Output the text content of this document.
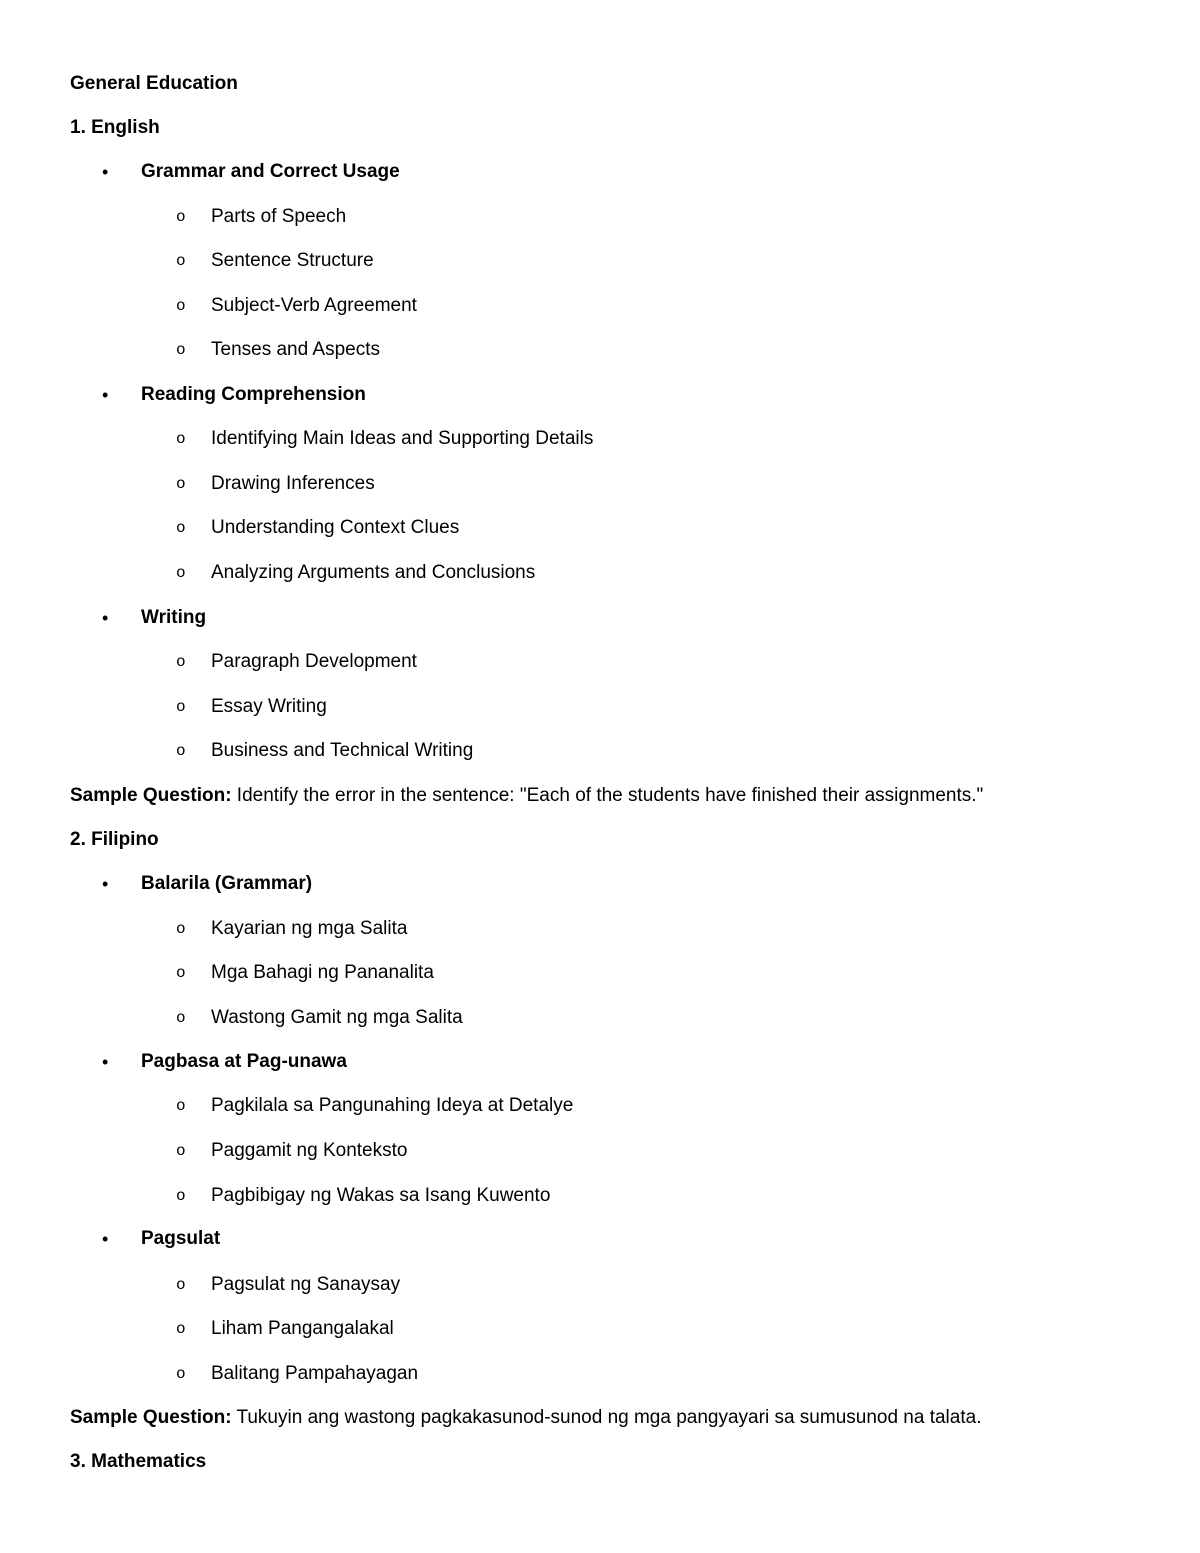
General Education
1. English
• Grammar and Correct Usage
o Parts of Speech
o Sentence Structure
o Subject-Verb Agreement
o Tenses and Aspects
• Reading Comprehension
o Identifying Main Ideas and Supporting Details
o Drawing Inferences
o Understanding Context Clues
o Analyzing Arguments and Conclusions
• Writing
o Paragraph Development
o Essay Writing
o Business and Technical Writing
Sample Question: Identify the error in the sentence: "Each of the students have finished their assignments."
2. Filipino
• Balarila (Grammar)
o Kayarian ng mga Salita
o Mga Bahagi ng Pananalita
o Wastong Gamit ng mga Salita
• Pagbasa at Pag-unawa
o Pagkilala sa Pangunahing Ideya at Detalye
o Paggamit ng Konteksto
o Pagbibigay ng Wakas sa Isang Kuwento
• Pagsulat
o Pagsulat ng Sanaysay
o Liham Pangangalakal
o Balitang Pampahayagan
Sample Question: Tukuyin ang wastong pagkakasunod-sunod ng mga pangyayari sa sumusunod na talata.
3. Mathematics
